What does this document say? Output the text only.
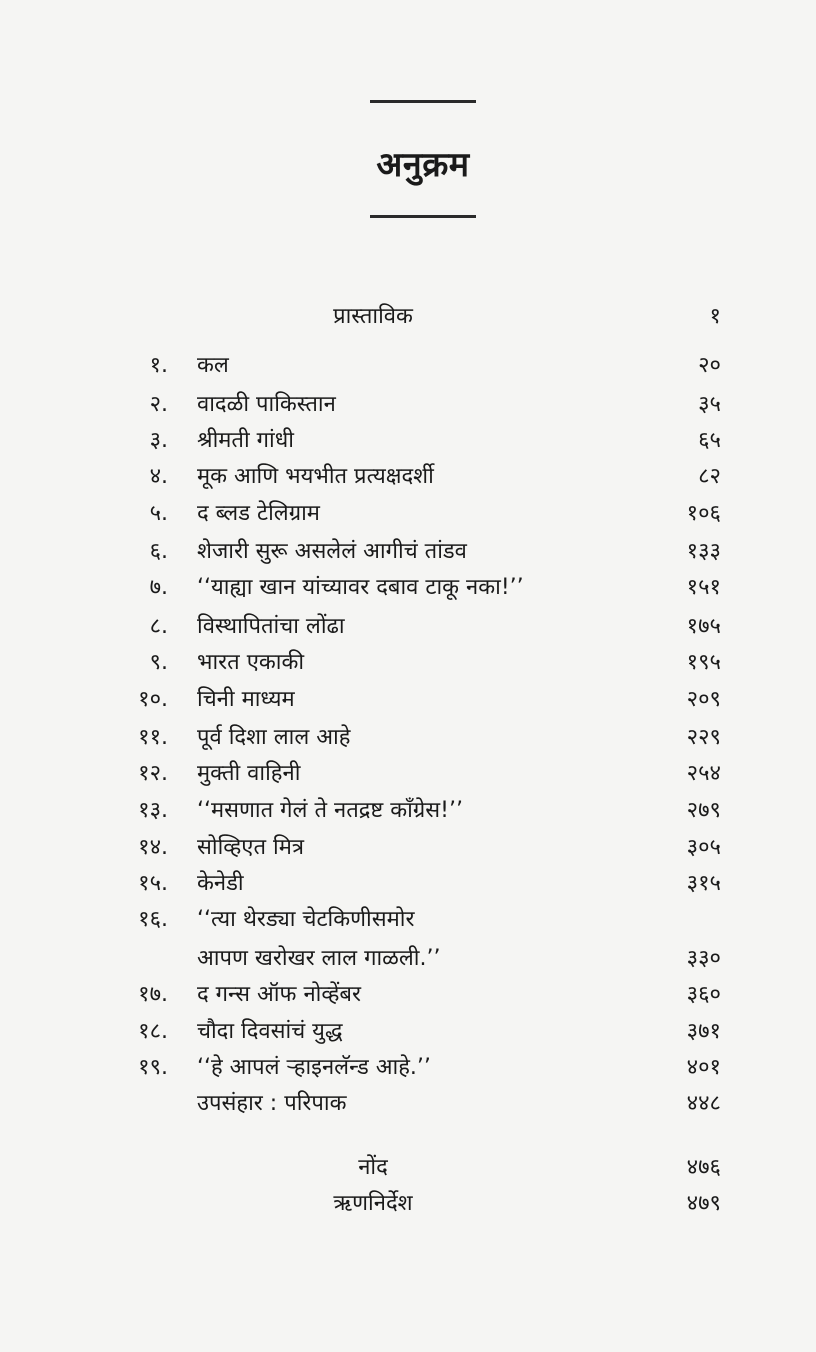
अनुक्रम
प्रास्ताविक	१
१. कल	२०
२. वादळी पाकिस्तान	३५
३. श्रीमती गांधी	६५
४. मूक आणि भयभीत प्रत्यक्षदर्शी	८२
५. द ब्लड टेलिग्राम	१०६
६. शेजारी सुरू असलेलं आगीचं तांडव	१३३
७. ‘‘याह्या खान यांच्यावर दबाव टाकू नका!’’	१५१
८. विस्थापितांचा लोंढा	१७५
९. भारत एकाकी	१९५
१०. चिनी माध्यम	२०९
११. पूर्व दिशा लाल आहे	२२९
१२. मुक्ती वाहिनी	२५४
१३. ‘‘मसणात गेलं ते नतद्रष्ट काँग्रेस!’’	२७९
१४. सोव्हिएत मित्र	३०५
१५. केनेडी	३१५
१६. ‘‘त्या थेरड्या चेटकिणीसमोर
आपण खरोखर लाल गाळली.’’	३३०
१७. द गन्स ऑफ नोव्हेंबर	३६०
१८. चौदा दिवसांचं युद्ध	३७१
१९. ‘‘हे आपलं ऱ्हाइनलॅन्ड आहे.’’	४०१
उपसंहार : परिपाक	४४८
नोंद	४७६
ऋणनिर्देश	४७९
